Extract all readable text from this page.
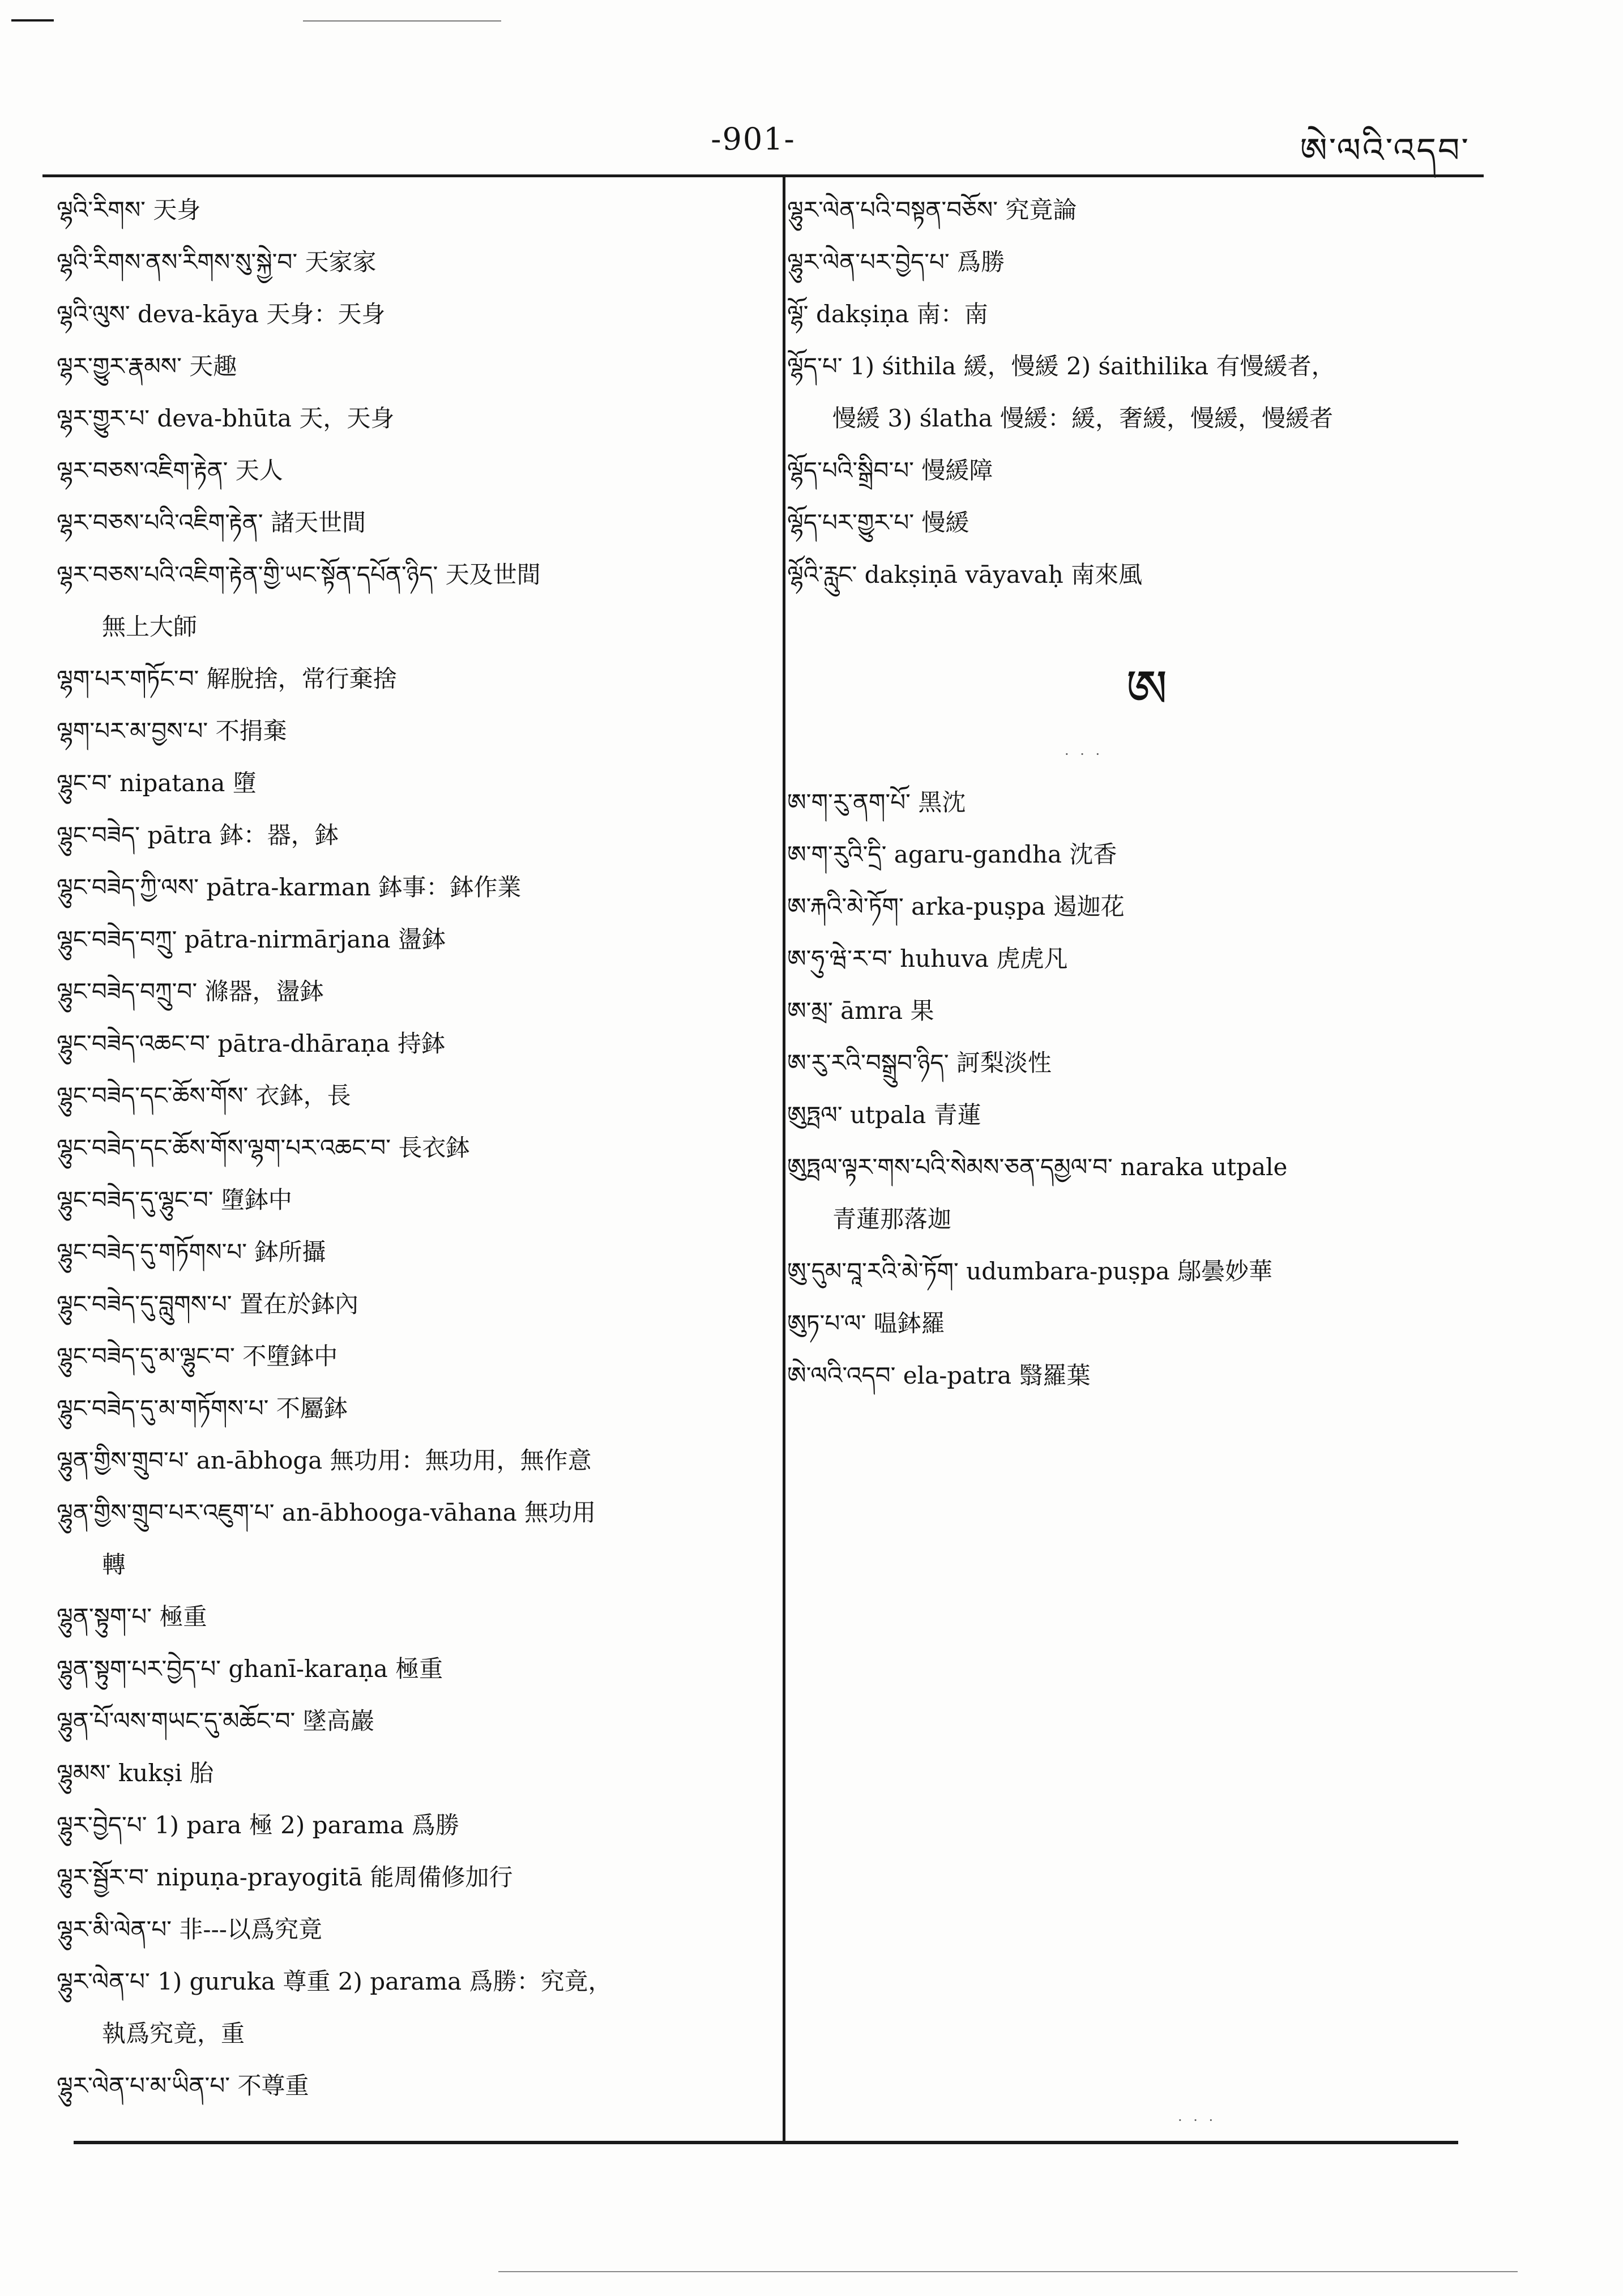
-901-	ཨེ་ལའི་འདབ་
ལྷའི་རིགས་ 天身
ལྷའི་རིགས་ནས་རིགས་སུ་སྐྱེ་བ་ 天家家
ལྷའི་ལུས་ deva-kāya 天身：天身
ལྷར་གྱུར་རྣམས་ 天趣
ལྷར་གྱུར་པ་ deva-bhūta 天，天身
ལྷར་བཅས་འཇིག་རྟེན་ 天人
ལྷར་བཅས་པའི་འཇིག་རྟེན་ 諸天世間
ལྷར་བཅས་པའི་འཇིག་རྟེན་གྱི་ཡང་སྟོན་དཔོན་ཉིད་ 天及世間
無上大師
ལྷག་པར་གཏོང་བ་ 解脫捨，常行棄捨
ལྷག་པར་མ་བྱས་པ་ 不捐棄
ལྷུང་བ་ nipatana 墮
ལྷུང་བཟེད་ pātra 鉢：器，鉢
ལྷུང་བཟེད་ཀྱི་ལས་ pātra-karman 鉢事：鉢作業
ལྷུང་བཟེད་བཀྲུ་ pātra-nirmārjana 盪鉢
ལྷུང་བཟེད་བཀྲུ་བ་ 滌器，盪鉢
ལྷུང་བཟེད་འཆང་བ་ pātra-dhāraṇa 持鉢
ལྷུང་བཟེད་དང་ཆོས་གོས་ 衣鉢，長
ལྷུང་བཟེད་དང་ཆོས་གོས་ལྷག་པར་འཆང་བ་ 長衣鉢
ལྷུང་བཟེད་དུ་ལྷུང་བ་ 墮鉢中
ལྷུང་བཟེད་དུ་གཏོགས་པ་ 鉢所攝
ལྷུང་བཟེད་དུ་བླུགས་པ་ 置在於鉢內
ལྷུང་བཟེད་དུ་མ་ལྷུང་བ་ 不墮鉢中
ལྷུང་བཟེད་དུ་མ་གཏོགས་པ་ 不屬鉢
ལྷུན་གྱིས་གྲུབ་པ་ an-ābhoga 無功用：無功用，無作意
ལྷུན་གྱིས་གྲུབ་པར་འཇུག་པ་ an-ābhooga-vāhana 無功用
轉
ལྷུན་སྟུག་པ་ 極重
ལྷུན་སྟུག་པར་བྱེད་པ་ ghanī-karaṇa 極重
ལྷུན་པོ་ལས་གཡང་དུ་མཆོང་བ་ 墜高巖
ལྷུམས་ kukṣi 胎
ལྷུར་བྱེད་པ་ 1) para 極 2) parama 爲勝
ལྷུར་སྦྱོར་བ་ nipuṇa-prayogitā 能周備修加行
ལྷུར་མི་ལེན་པ་ 非---以爲究竟
ལྷུར་ལེན་པ་ 1) guruka 尊重 2) parama 爲勝：究竟，
執爲究竟，重
ལྷུར་ལེན་པ་མ་ཡིན་པ་ 不尊重
ལྷུར་ལེན་པའི་བསྟན་བཅོས་ 究竟論
ལྷུར་ལེན་པར་བྱེད་པ་ 爲勝
ལྷོ་ dakṣiṇa 南：南
ལྷོད་པ་ 1) śithila 緩，慢緩 2) śaithilika 有慢緩者，
慢緩 3) ślatha 慢緩：緩，奢緩，慢緩，慢緩者
ལྷོད་པའི་སྒྲིབ་པ་ 慢緩障
ལྷོད་པར་གྱུར་པ་ 慢緩
ལྷོའི་རླུང་ dakṣiṇā vāyavaḥ 南來風
ཨ
ཨ་ག་རུ་ནག་པོ་ 黑沈
ཨ་ག་རུའི་དྲི་ agaru-gandha 沈香
ཨ་རྐའི་མེ་ཏོག་ arka-puṣpa 遏迦花
ཨ་ཧུ་ཝེ་ར་བ་ huhuva 虎虎凡
ཨ་མྲ་ āmra 果
ཨ་རུ་རའི་བསྒྲུབ་ཉིད་ 訶梨淡性
ཨུཏྤལ་ utpala 青蓮
ཨུཏྤལ་ལྟར་གས་པའི་སེམས་ཅན་དམྱལ་བ་ naraka utpale
青蓮那落迦
ཨུ་དུམ་བཱ་རའི་མེ་ཏོག་ udumbara-puṣpa 鄔曇妙華
ཨུཏ་པ་ལ་ 嗢鉢羅
ཨེ་ལའི་འདབ་ ela-patra 翳羅葉
· · ·
· · ·
